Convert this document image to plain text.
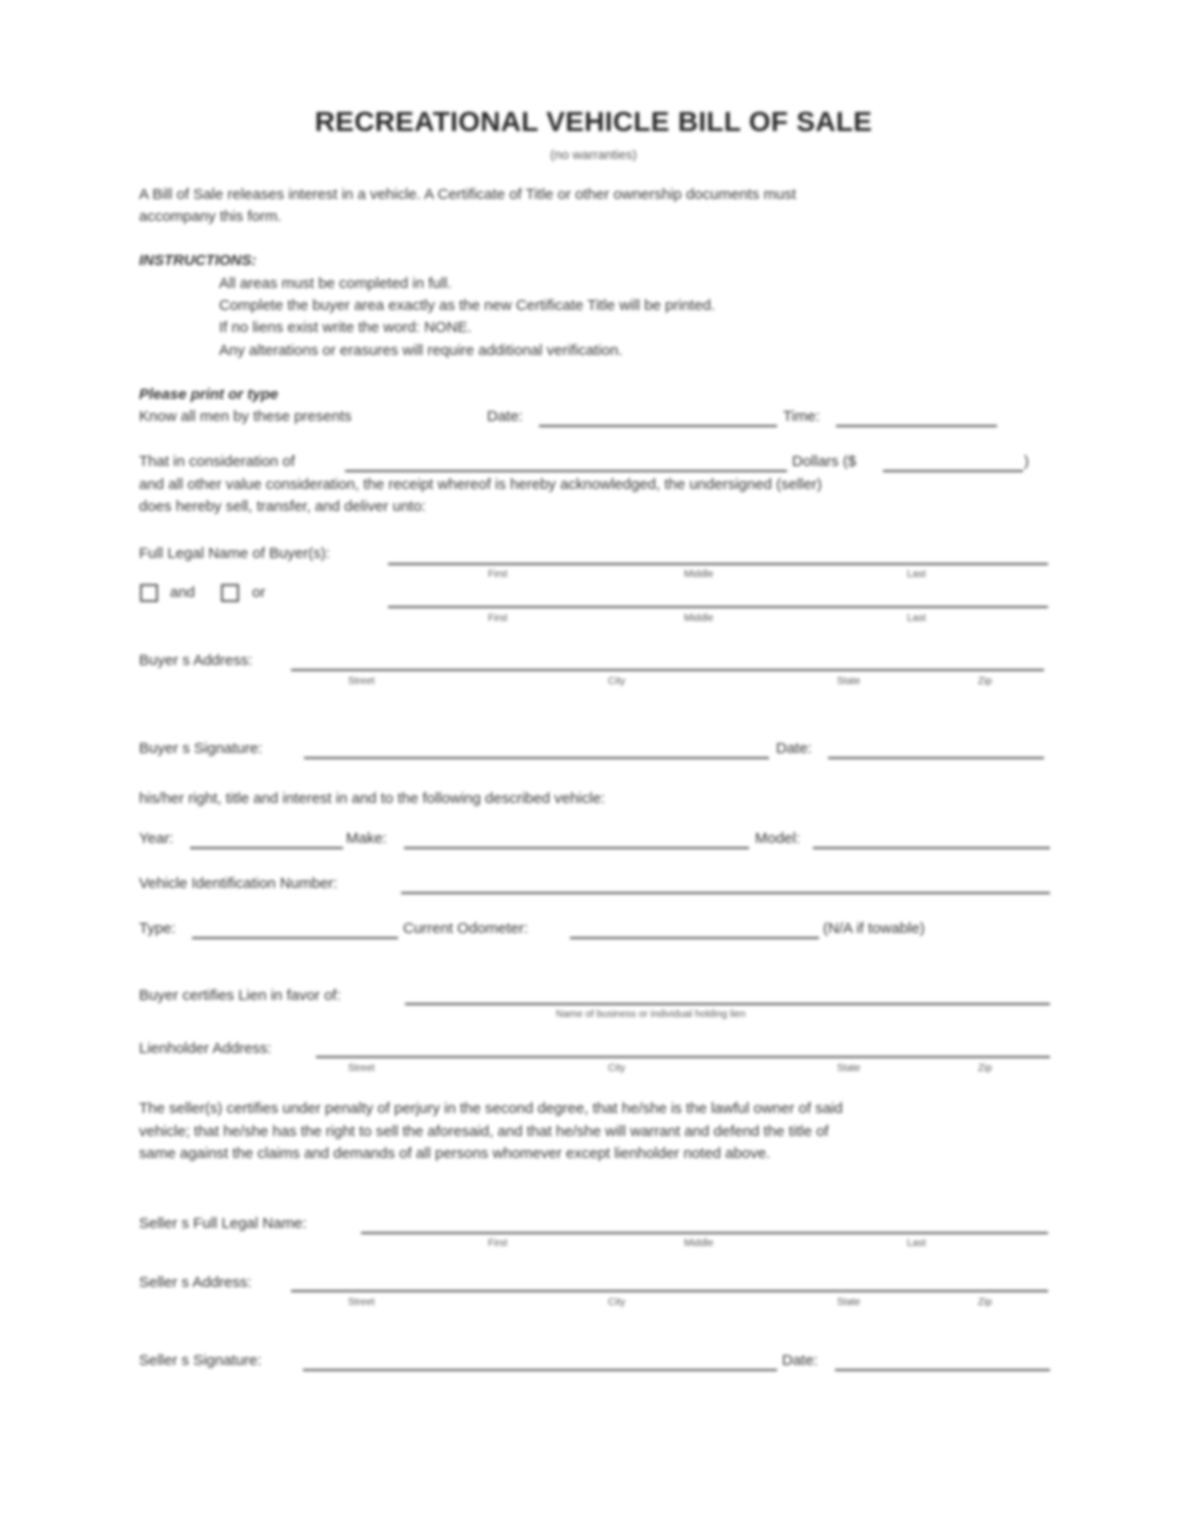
RECREATIONAL VEHICLE BILL OF SALE
(no warranties)
A Bill of Sale releases interest in a vehicle. A Certificate of Title or other ownership documents must
accompany this form.
INSTRUCTIONS:
All areas must be completed in full.
Complete the buyer area exactly as the new Certificate Title will be printed.
If no liens exist write the word: NONE.
Any alterations or erasures will require additional verification.
Please print or type
Know all men by these presents	Date:	Time:
That in consideration of	Dollars ($	)
and all other value consideration, the receipt whereof is hereby acknowledged, the undersigned (seller)
does hereby sell, transfer, and deliver unto:
Full Legal Name of Buyer(s):
First	Middle	Last
and	or
First	Middle	Last
Buyer s Address:
Street	City	State	Zip
Buyer s Signature:	Date:
his/her right, title and interest in and to the following described vehicle:
Year:	Make:	Model:
Vehicle Identification Number:
Type:	Current Odometer:	(N/A if towable)
Buyer certifies Lien in favor of:
Name of business or individual holding lien
Lienholder Address:
Street	City	State	Zip
The seller(s) certifies under penalty of perjury in the second degree, that he/she is the lawful owner of said
vehicle; that he/she has the right to sell the aforesaid, and that he/she will warrant and defend the title of
same against the claims and demands of all persons whomever except lienholder noted above.
Seller s Full Legal Name:
First	Middle	Last
Seller s Address:
Street	City	State	Zip
Seller s Signature:	Date:
